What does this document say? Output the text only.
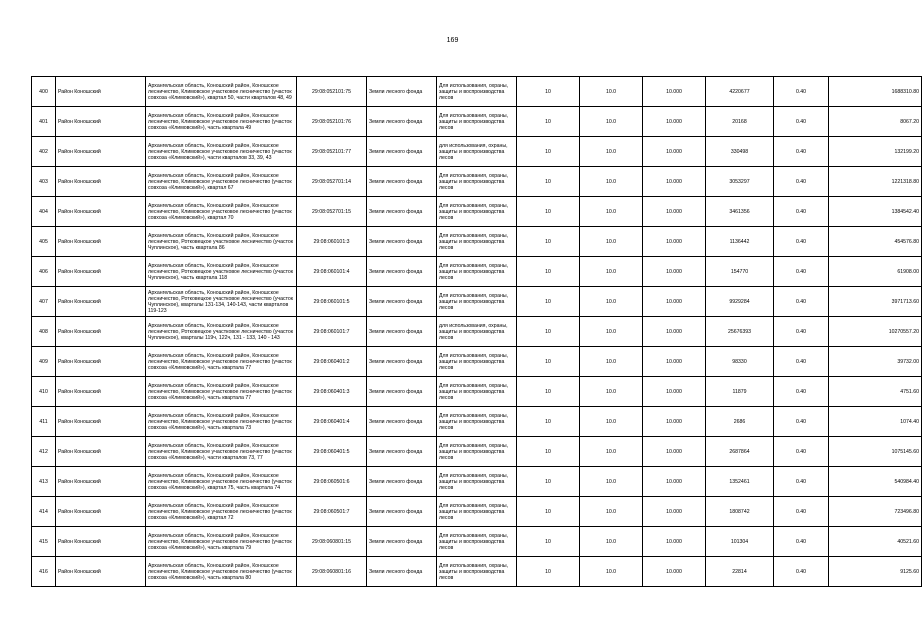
169
400	Район Коношский	Архангельская область, Коношский район, Коношское лесничество, Климовское участковое лесничество (участок совхоза «Климовский»), квартал 50, части кварталов 48, 49	29:08:052101:75	Земли лесного фонда	Для использования, охраны, защиты и воспроизводства лесов	10	10.0	10.000	4220677	0.40	1688310.80
401	Район Коношский	Архангельская область, Коношский район, Коношское лесничество, Климовское участковое лесничество (участок совхоза «Климовский»), часть квартала 49	29:08:052101:76	Земли лесного фонда	Для использования, охраны, защиты и воспроизводства лесов	10	10.0	10.000	20168	0.40	8067.20
402	Район Коношский	Архангельская область, Коношский район, Коношское лесничество, Климовское участковое лесничество (участок совхоза «Климовский»), части кварталов 33, 39, 43	29:08:052101:77	Земли лесного фонда	для использования, охраны, защиты и воспроизводства лесов	10	10.0	10.000	330498	0.40	132199.20
403	Район Коношский	Архангельская область, Коношский район, Коношское лесничество, Климовское участковое лесничество (участок совхоза «Климовский»), квартал 67	29:08:052701:14	Земли лесного фонда	Для использования, охраны, защиты и воспроизводства лесов	10	10.0	10.000	3053297	0.40	1221318.80
404	Район Коношский	Архангельская область, Коношский район, Коношское лесничество, Климовское участковое лесничество (участок совхоза «Климовский»), квартал 70	29:08:052701:15	Земли лесного фонда	Для использования, охраны, защиты и воспроизводства лесов	10	10.0	10.000	3461356	0.40	1384542.40
405	Район Коношский	Архангельская область, Коношский район, Коношское лесничество, Ротковецкое участковое лесничество (участок Чуплинское), часть квартала 86	29:08:060101:3	Земли лесного фонда	Для использования, охраны, защиты и воспроизводства лесов	10	10.0	10.000	1136442	0.40	454576.80
406	Район Коношский	Архангельская область, Коношский район, Коношское лесничество, Ротковецкое участковое лесничество (участок Чуплинское), часть квартала 118	29:08:060101:4	Земли лесного фонда	Для использования, охраны, защиты и воспроизводства лесов	10	10.0	10.000	154770	0.40	61908.00
407	Район Коношский	Архангельская область, Коношский район, Коношское лесничество, Ротковецкое участковое лесничество (участок Чуплинское), кварталы 131-134, 140-143, части кварталов 119-123	29:08:060101:5	Земли лесного фонда	Для использования, охраны, защиты и воспроизводства лесов	10	10.0	10.000	9929284	0.40	3971713.60
408	Район Коношский	Архангельская область, Коношский район, Коношское лесничество, Ротковецкое участковое лесничество (участок Чуплинское), кварталы 119ч, 122ч, 131 - 133, 140 - 143	29:08:060101:7	Земли лесного фонда	для использования, охраны, защиты и воспроизводства лесов	10	10.0	10.000	25676393	0.40	10270557.20
409	Район Коношский	Архангельская область, Коношский район, Коношское лесничество, Климовское участковое лесничество (участок совхоза «Климовский»), часть квартала 77	29:08:060401:2	Земли лесного фонда	Для использования, охраны, защиты и воспроизводства лесов	10	10.0	10.000	98330	0.40	39732.00
410	Район Коношский	Архангельская область, Коношский район, Коношское лесничество, Климовское участковое лесничество (участок совхоза «Климовский»), часть квартала 77	29:08:060401:3	Земли лесного фонда	Для использования, охраны, защиты и воспроизводства лесов	10	10.0	10.000	11879	0.40	4751.60
411	Район Коношский	Архангельская область, Коношский район, Коношское лесничество, Климовское участковое лесничество (участок совхоза «Климовский»), часть квартала 73	29:08:060401:4	Земли лесного фонда	Для использования, охраны, защиты и воспроизводства лесов	10	10.0	10.000	2686	0.40	1074.40
412	Район Коношский	Архангельская область, Коношский район, Коношское лесничество, Климовское участковое лесничество (участок совхоза «Климовский»), части кварталов 73, 77	29:08:060401:5	Земли лесного фонда	Для использования, охраны, защиты и воспроизводства лесов	10	10.0	10.000	2687864	0.40	1075145.60
413	Район Коношский	Архангельская область, Коношский район, Коношское лесничество, Климовское участковое лесничество (участок совхоза «Климовский»), квартал 75, часть квартала 74	29:08:060501:6	Земли лесного фонда	Для использования, охраны, защиты и воспроизводства лесов	10	10.0	10.000	1352461	0.40	540984.40
414	Район Коношский	Архангельская область, Коношский район, Коношское лесничество, Климовское участковое лесничество (участок совхоза «Климовский»), квартал 72	29:08:060501:7	Земли лесного фонда	Для использования, охраны, защиты и воспроизводства лесов	10	10.0	10.000	1808742	0.40	723496.80
415	Район Коношский	Архангельская область, Коношский район, Коношское лесничество, Климовское участковое лесничество (участок совхоза «Климовский»), часть квартала 79	29:08:060801:15	Земли лесного фонда	Для использования, охраны, защиты и воспроизводства лесов	10	10.0	10.000	101304	0.40	40521.60
416	Район Коношский	Архангельская область, Коношский район, Коношское лесничество, Климовское участковое лесничество (участок совхоза «Климовский»), часть квартала 80	29:08:060801:16	Земли лесного фонда	Для использования, охраны, защиты и воспроизводства лесов	10	10.0	10.000	22814	0.40	9125.60
